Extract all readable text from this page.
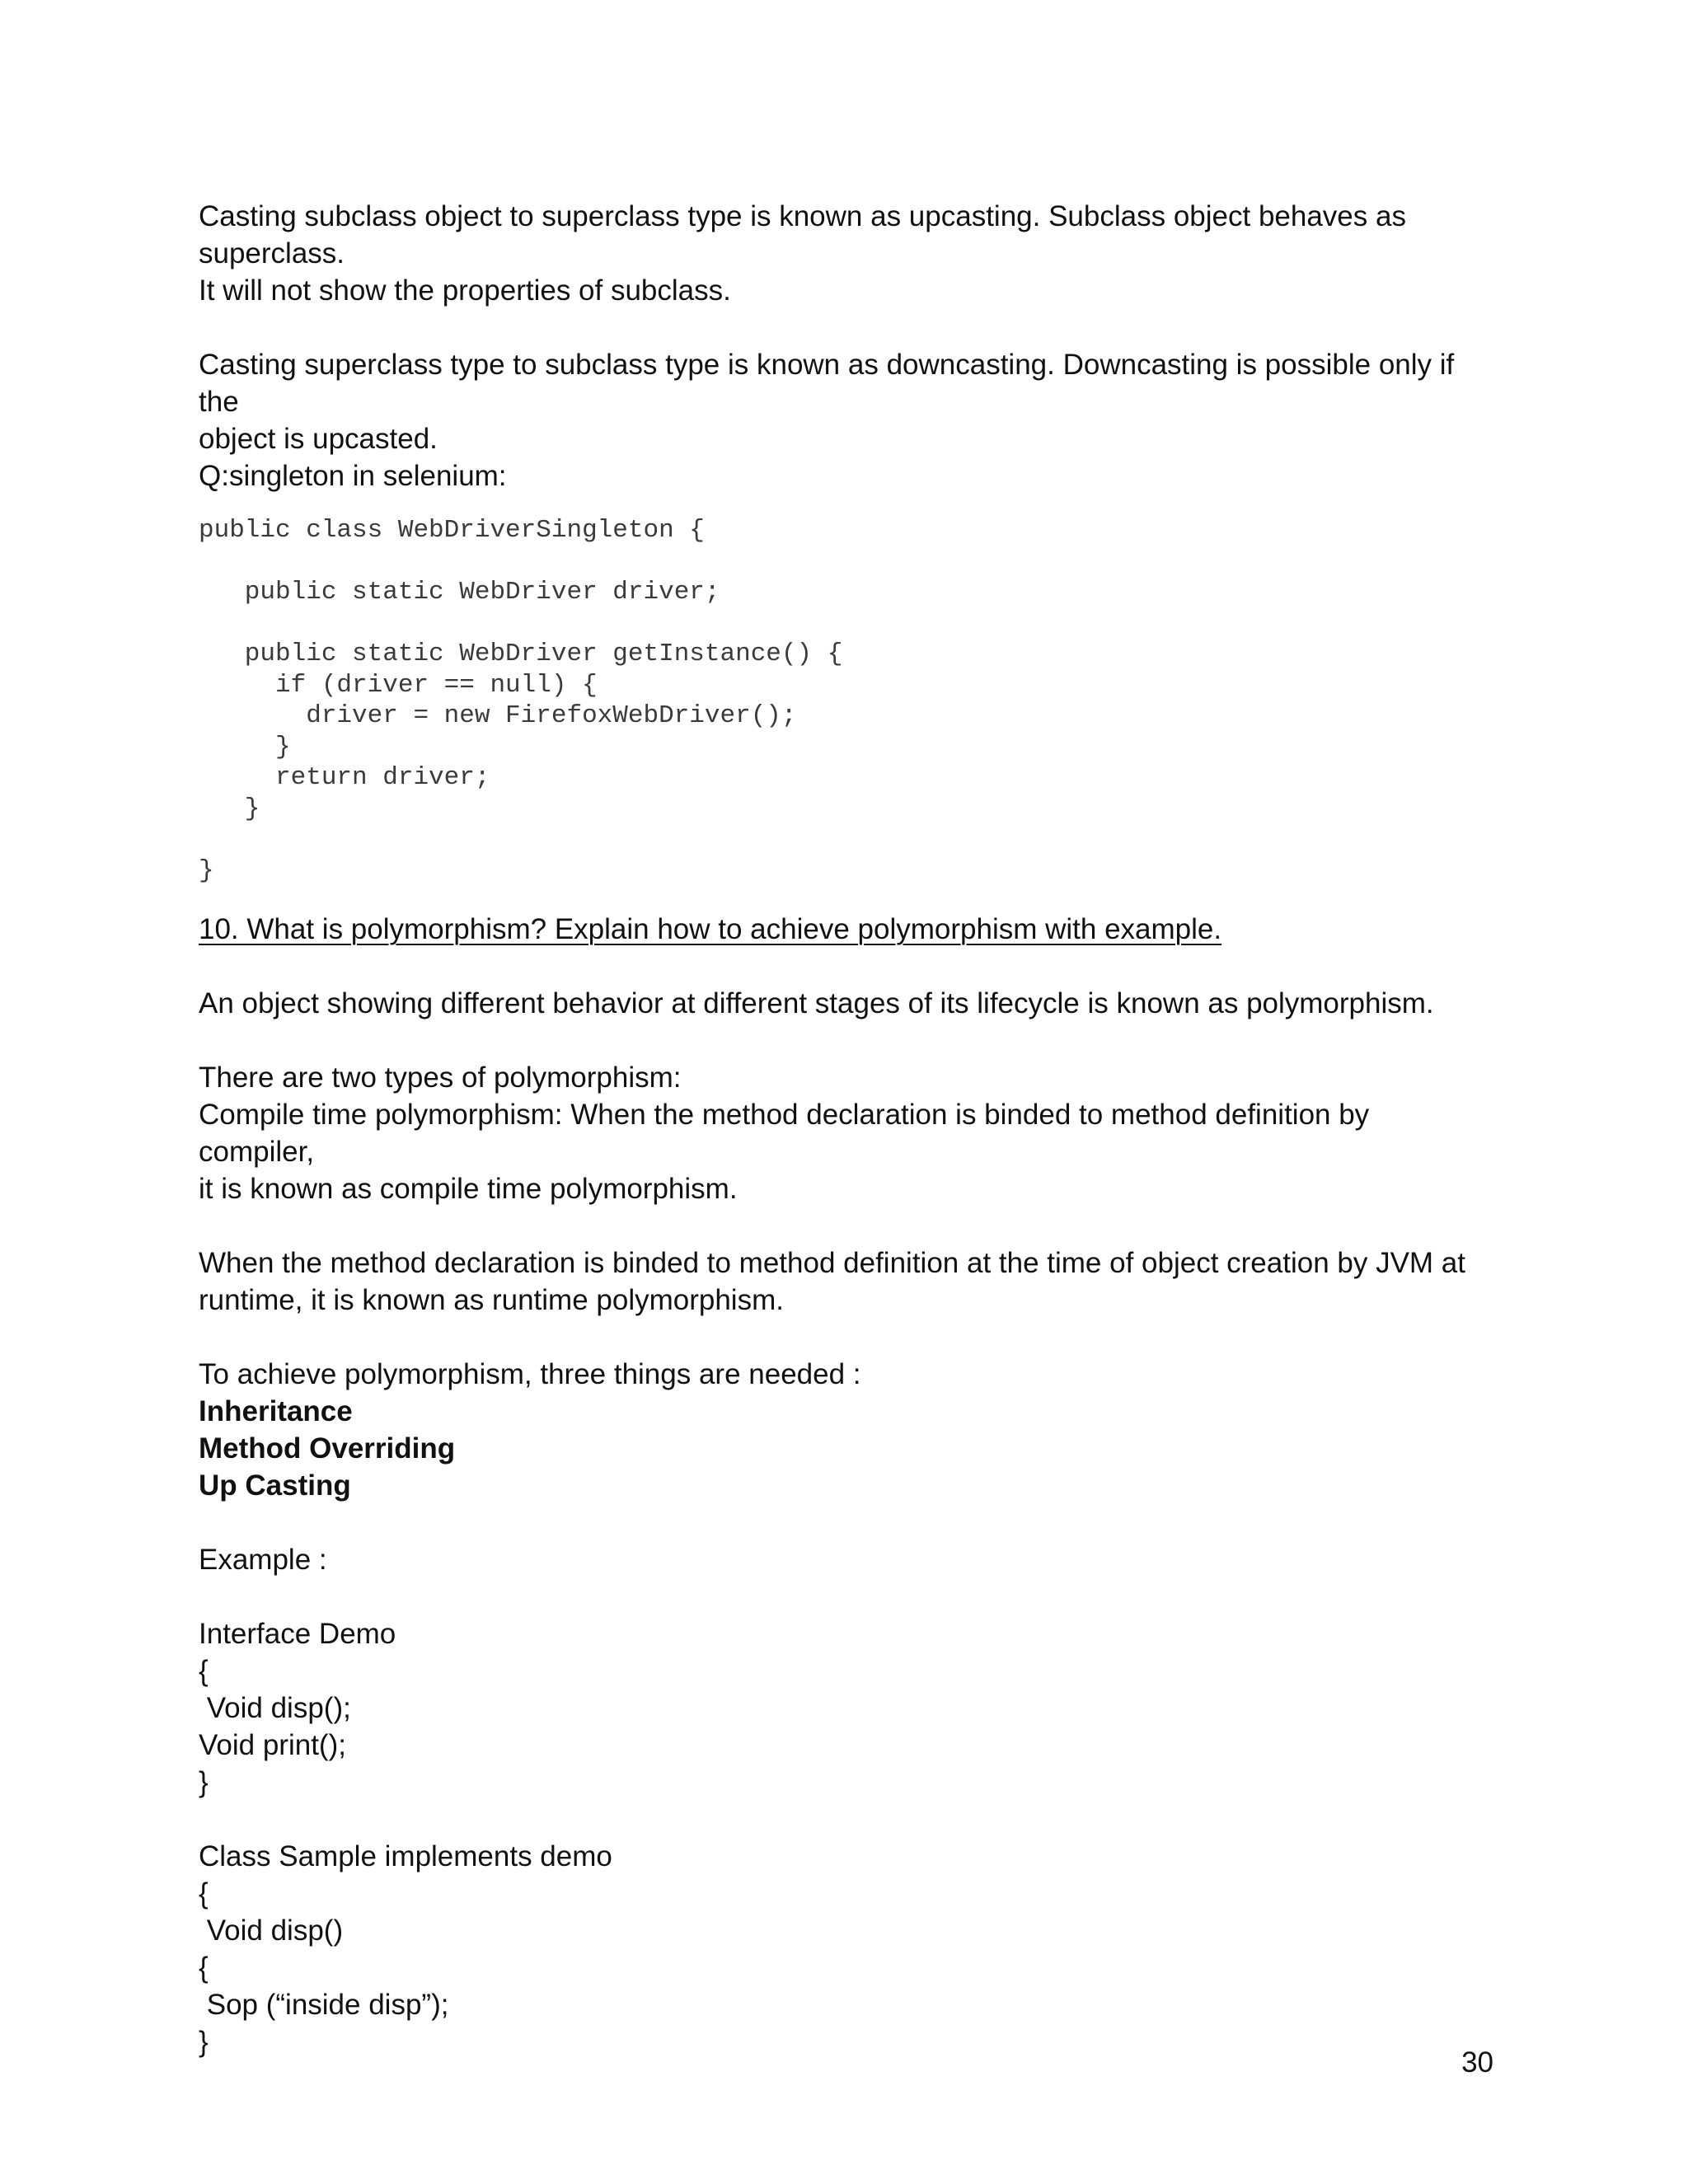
Casting subclass object to superclass type is known as upcasting. Subclass object behaves as superclass.

It will not show the properties of subclass.

Casting superclass type to subclass type is known as downcasting. Downcasting is possible only if the

object is upcasted.

Q:singleton in selenium:

public class WebDriverSingleton {
public static WebDriver driver;
public static WebDriver getInstance() {
if (driver == null) {
driver = new FirefoxWebDriver();
}
return driver;
}
}

10. What is polymorphism? Explain how to achieve polymorphism with example.

An object showing different behavior at different stages of its lifecycle is known as polymorphism.

There are two types of polymorphism:

Compile time polymorphism: When the method declaration is binded to method definition by compiler,

it is known as compile time polymorphism.

When the method declaration is binded to method definition at the time of object creation by JVM at

runtime, it is known as runtime polymorphism.

To achieve polymorphism, three things are needed :

Inheritance

Method Overriding

Up Casting

Example :

Interface Demo

{

Void disp();

Void print();

}

Class Sample implements demo

{

Void disp()

{

Sop (“inside disp”);

}

30
